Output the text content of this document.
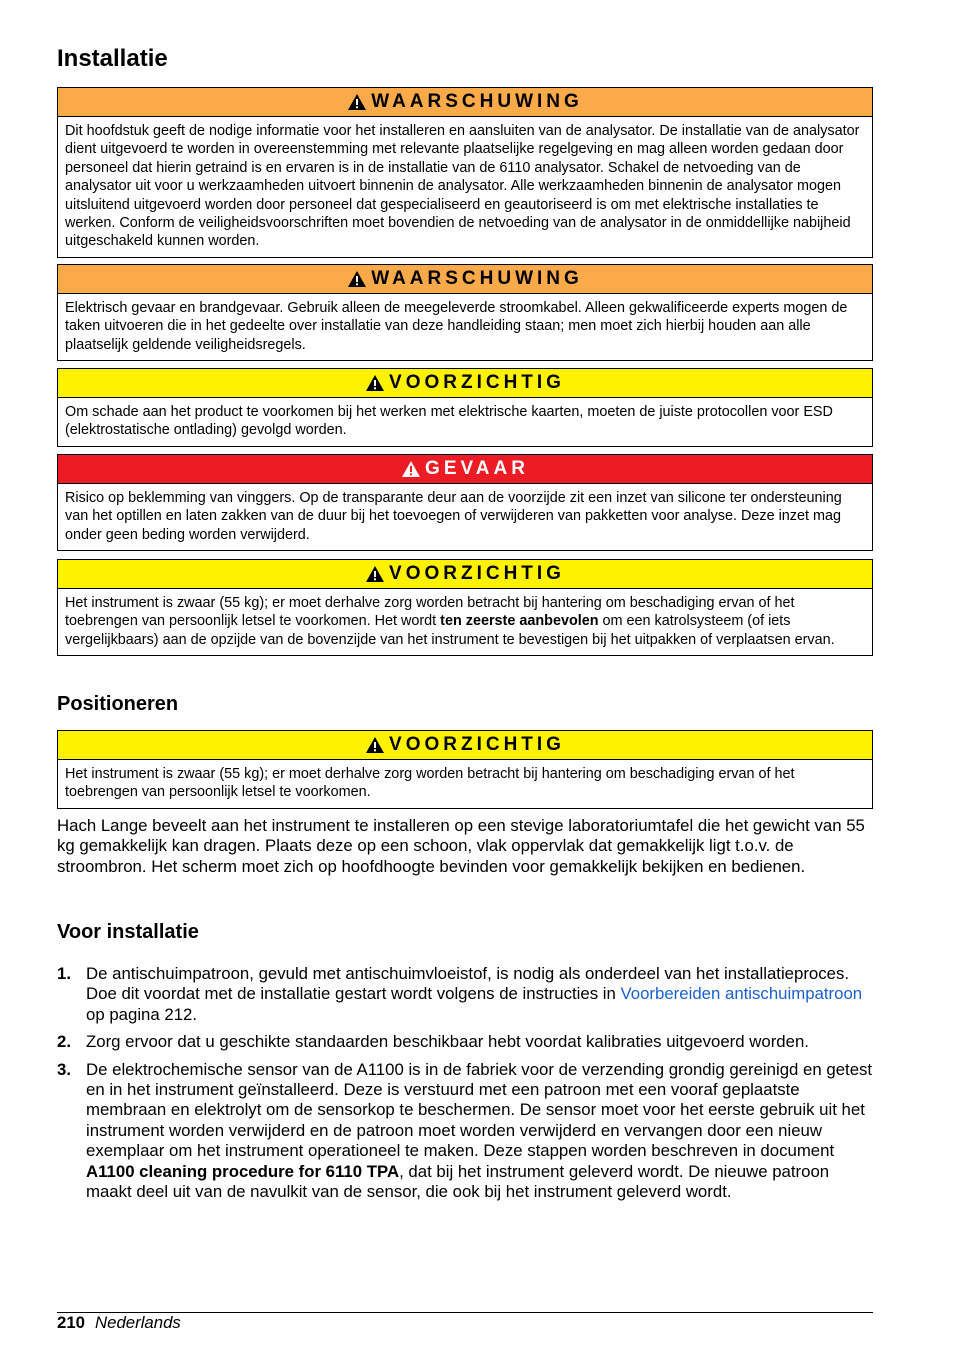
Installatie
WAARSCHUWING
Dit hoofdstuk geeft de nodige informatie voor het installeren en aansluiten van de analysator. De installatie van de analysator dient uitgevoerd te worden in overeenstemming met relevante plaatselijke regelgeving en mag alleen worden gedaan door personeel dat hierin getraind is en ervaren is in de installatie van de 6110 analysator. Schakel de netvoeding van de analysator uit voor u werkzaamheden uitvoert binnenin de analysator. Alle werkzaamheden binnenin de analysator mogen uitsluitend uitgevoerd worden door personeel dat gespecialiseerd en geautoriseerd is om met elektrische installaties te werken. Conform de veiligheidsvoorschriften moet bovendien de netvoeding van de analysator in de onmiddellijke nabijheid uitgeschakeld kunnen worden.
WAARSCHUWING
Elektrisch gevaar en brandgevaar. Gebruik alleen de meegeleverde stroomkabel. Alleen gekwalificeerde experts mogen de taken uitvoeren die in het gedeelte over installatie van deze handleiding staan; men moet zich hierbij houden aan alle plaatselijk geldende veiligheidsregels.
VOORZICHTIG
Om schade aan het product te voorkomen bij het werken met elektrische kaarten, moeten de juiste protocollen voor ESD (elektrostatische ontlading) gevolgd worden.
GEVAAR
Risico op beklemming van vinggers. Op de transparante deur aan de voorzijde zit een inzet van silicone ter ondersteuning van het optillen en laten zakken van de duur bij het toevoegen of verwijderen van pakketten voor analyse. Deze inzet mag onder geen beding worden verwijderd.
VOORZICHTIG
Het instrument is zwaar (55 kg); er moet derhalve zorg worden betracht bij hantering om beschadiging ervan of het toebrengen van persoonlijk letsel te voorkomen. Het wordt ten zeerste aanbevolen om een katrolsysteem (of iets vergelijkbaars) aan de opzijde van de bovenzijde van het instrument te bevestigen bij het uitpakken of verplaatsen ervan.
Positioneren
VOORZICHTIG
Het instrument is zwaar (55 kg); er moet derhalve zorg worden betracht bij hantering om beschadiging ervan of het toebrengen van persoonlijk letsel te voorkomen.
Hach Lange beveelt aan het instrument te installeren op een stevige laboratoriumtafel die het gewicht van 55 kg gemakkelijk kan dragen. Plaats deze op een schoon, vlak oppervlak dat gemakkelijk ligt t.o.v. de stroombron. Het scherm moet zich op hoofdhoogte bevinden voor gemakkelijk bekijken en bedienen.
Voor installatie
1. De antischuimpatroon, gevuld met antischuimvloeistof, is nodig als onderdeel van het installatieproces. Doe dit voordat met de installatie gestart wordt volgens de instructies in Voorbereiden antischuimpatroon op pagina 212.
2. Zorg ervoor dat u geschikte standaarden beschikbaar hebt voordat kalibraties uitgevoerd worden.
3. De elektrochemische sensor van de A1100 is in de fabriek voor de verzending grondig gereinigd en getest en in het instrument geïnstalleerd. Deze is verstuurd met een patroon met een vooraf geplaatste membraan en elektrolyt om de sensorkop te beschermen. De sensor moet voor het eerste gebruik uit het instrument worden verwijderd en de patroon moet worden verwijderd en vervangen door een nieuw exemplaar om het instrument operationeel te maken. Deze stappen worden beschreven in document A1100 cleaning procedure for 6110 TPA, dat bij het instrument geleverd wordt. De nieuwe patroon maakt deel uit van de navulkit van de sensor, die ook bij het instrument geleverd wordt.
210 Nederlands
